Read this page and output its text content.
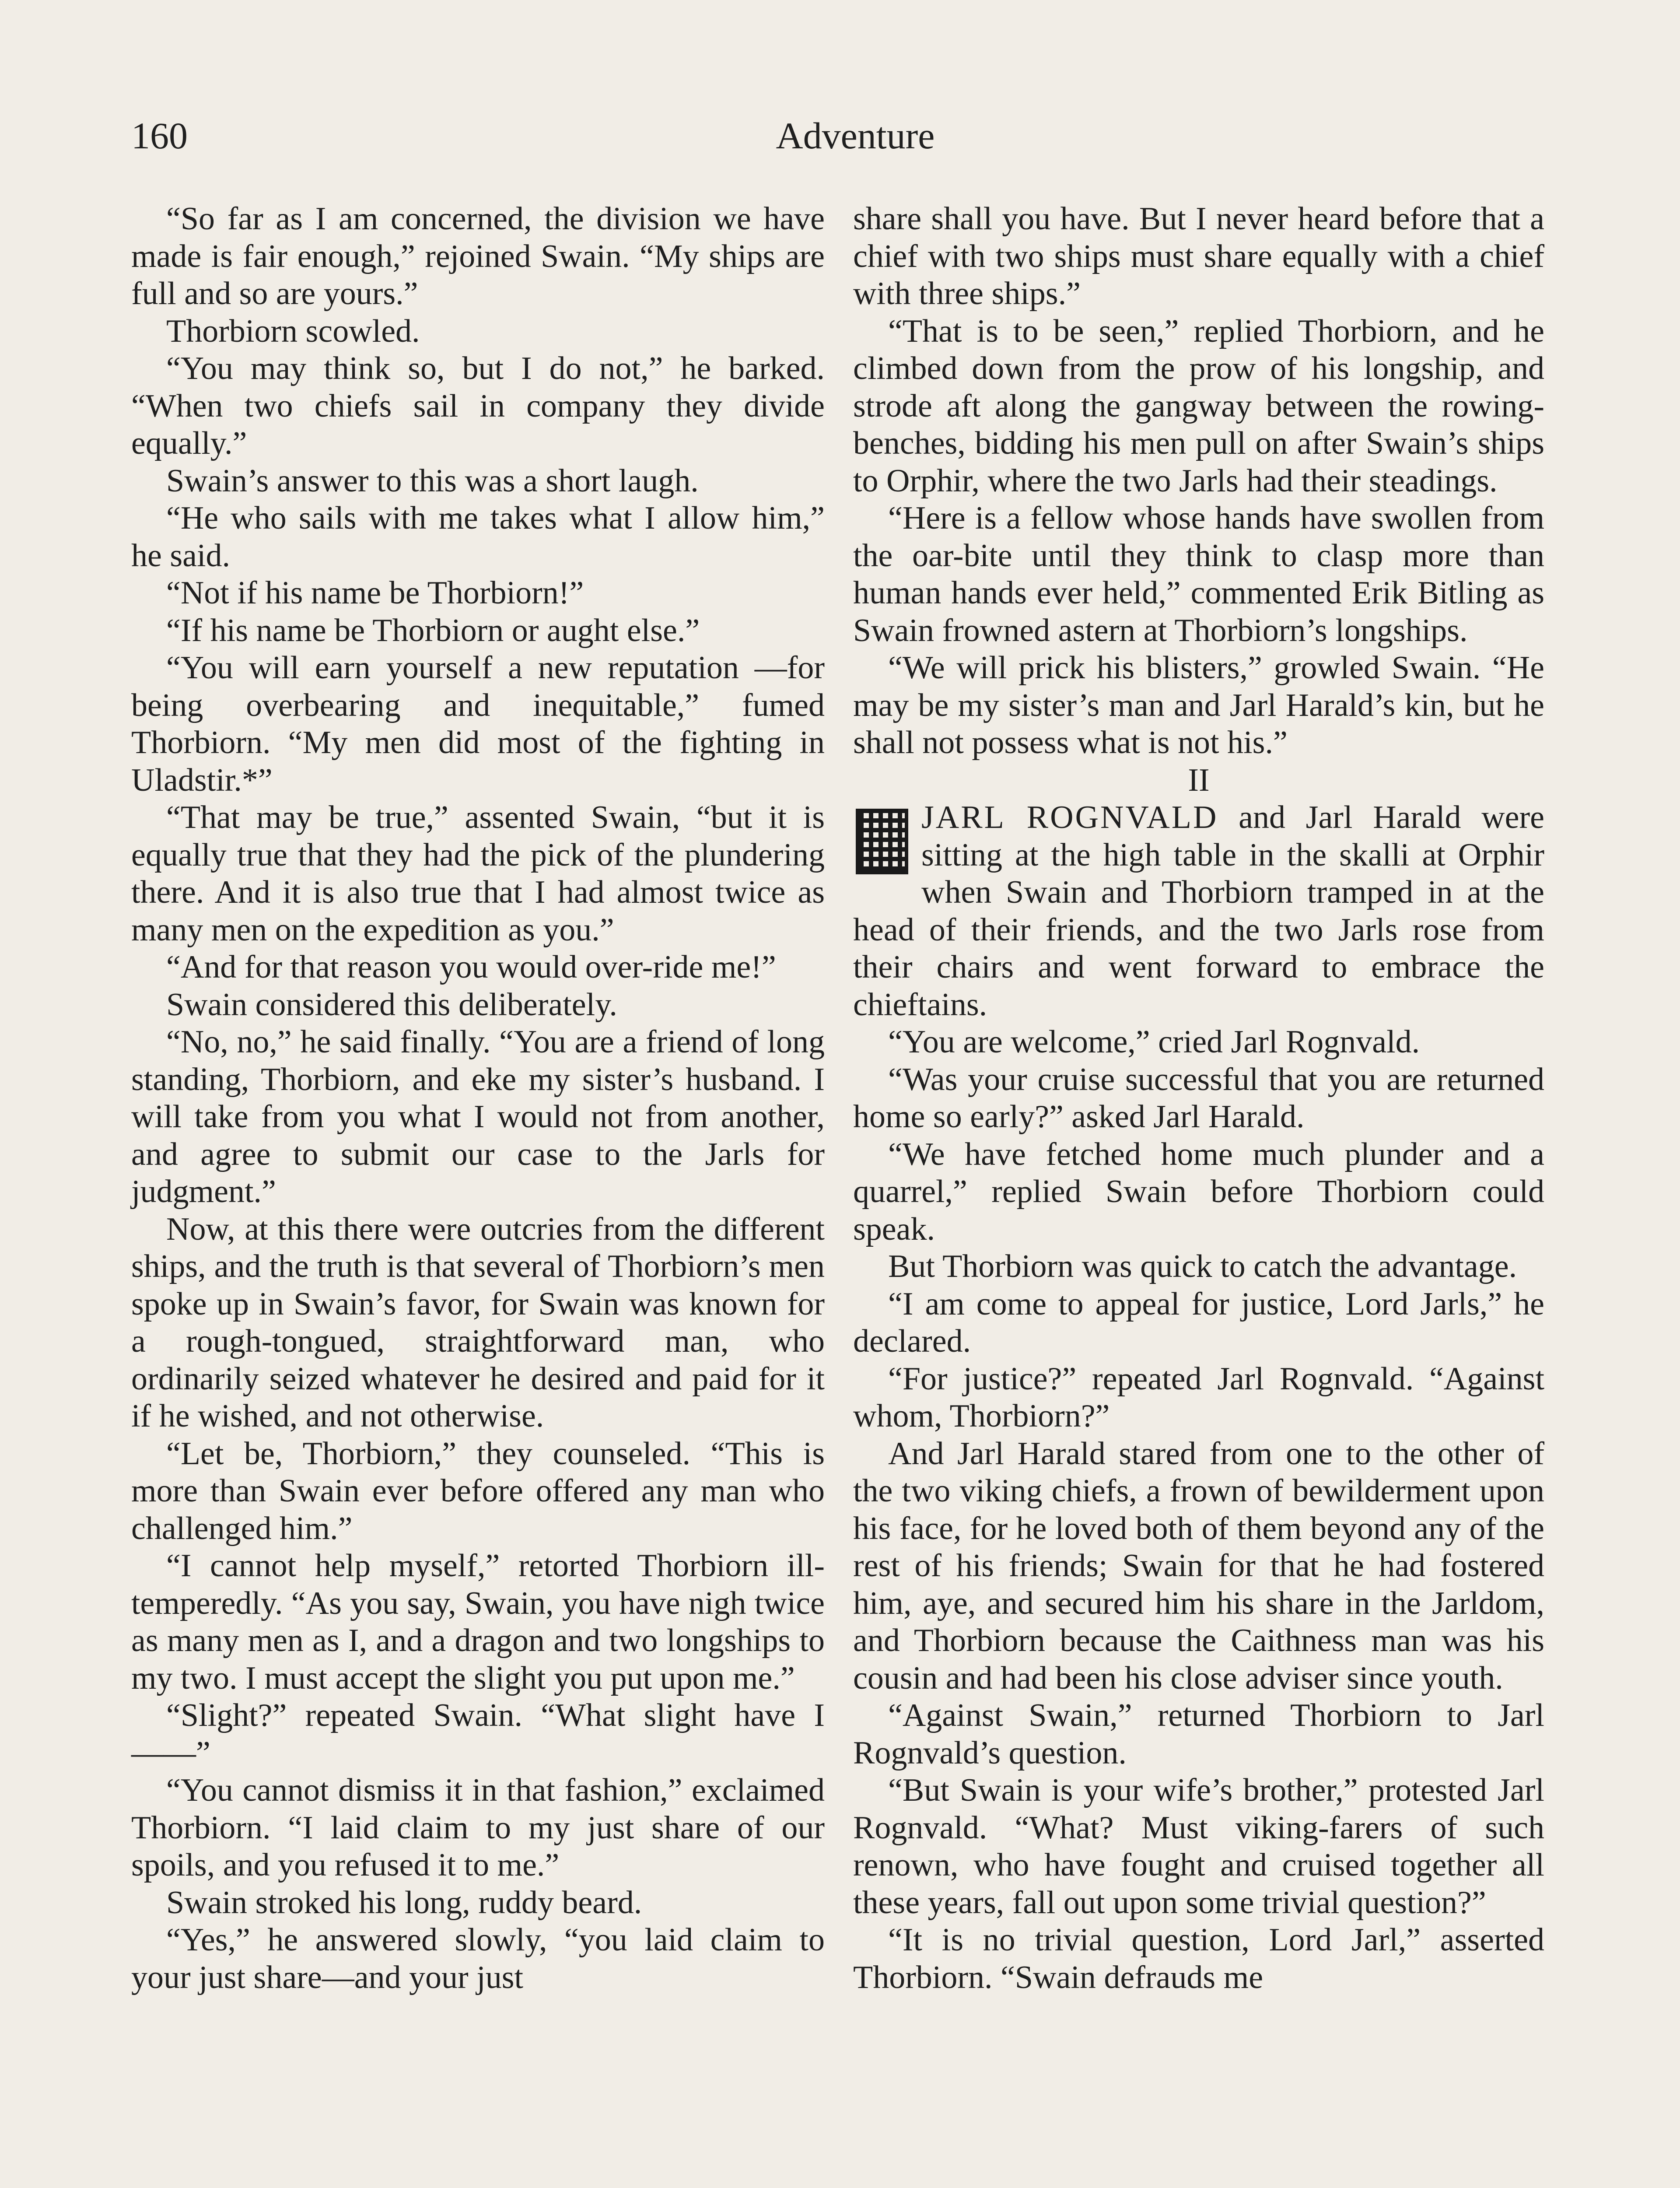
160	Adventure

“So far as I am concerned, the division we have made is fair enough,” rejoined Swain. “My ships are full and so are yours.”

Thorbiorn scowled.

“You may think so, but I do not,” he barked. “When two chiefs sail in company they divide equally.”

Swain’s answer to this was a short laugh.

“He who sails with me takes what I allow him,” he said.

“Not if his name be Thorbiorn!”

“If his name be Thorbiorn or aught else.”

“You will earn yourself a new reputation —for being overbearing and inequitable,” fumed Thorbiorn. “My men did most of the fighting in Uladstir.*”

“That may be true,” assented Swain, “but it is equally true that they had the pick of the plundering there. And it is also true that I had almost twice as many men on the expedition as you.”

“And for that reason you would over-ride me!”

Swain considered this deliberately.

“No, no,” he said finally. “You are a friend of long standing, Thorbiorn, and eke my sister’s husband. I will take from you what I would not from another, and agree to submit our case to the Jarls for judgment.”

Now, at this there were outcries from the different ships, and the truth is that several of Thorbiorn’s men spoke up in Swain’s favor, for Swain was known for a rough-tongued, straightforward man, who ordinarily seized whatever he desired and paid for it if he wished, and not otherwise.

“Let be, Thorbiorn,” they counseled. “This is more than Swain ever before offered any man who challenged him.”

“I cannot help myself,” retorted Thorbiorn ill-temperedly. “As you say, Swain, you have nigh twice as many men as I, and a dragon and two longships to my two. I must accept the slight you put upon me.”

“Slight?” repeated Swain. “What slight have I——”

“You cannot dismiss it in that fashion,” exclaimed Thorbiorn. “I laid claim to my just share of our spoils, and you refused it to me.”

Swain stroked his long, ruddy beard.

“Yes,” he answered slowly, “you laid claim to your just share—and your just

share shall you have. But I never heard before that a chief with two ships must share equally with a chief with three ships.”

“That is to be seen,” replied Thorbiorn, and he climbed down from the prow of his longship, and strode aft along the gangway between the rowing-benches, bidding his men pull on after Swain’s ships to Orphir, where the two Jarls had their steadings.

“Here is a fellow whose hands have swollen from the oar-bite until they think to clasp more than human hands ever held,” commented Erik Bitling as Swain frowned astern at Thorbiorn’s longships.

“We will prick his blisters,” growled Swain. “He may be my sister’s man and Jarl Harald’s kin, but he shall not possess what is not his.”

II

JARL ROGNVALD and Jarl Harald were sitting at the high table in the skalli at Orphir when Swain and Thorbiorn tramped in at the head of their friends, and the two Jarls rose from their chairs and went forward to embrace the chieftains.

“You are welcome,” cried Jarl Rognvald.

“Was your cruise successful that you are returned home so early?” asked Jarl Harald.

“We have fetched home much plunder and a quarrel,” replied Swain before Thorbiorn could speak.

But Thorbiorn was quick to catch the advantage.

“I am come to appeal for justice, Lord Jarls,” he declared.

“For justice?” repeated Jarl Rognvald. “Against whom, Thorbiorn?”

And Jarl Harald stared from one to the other of the two viking chiefs, a frown of bewilderment upon his face, for he loved both of them beyond any of the rest of his friends; Swain for that he had fostered him, aye, and secured him his share in the Jarldom, and Thorbiorn because the Caithness man was his cousin and had been his close adviser since youth.

“Against Swain,” returned Thorbiorn to Jarl Rognvald’s question.

“But Swain is your wife’s brother,” protested Jarl Rognvald. “What? Must viking-farers of such renown, who have fought and cruised together all these years, fall out upon some trivial question?”

“It is no trivial question, Lord Jarl,” asserted Thorbiorn. “Swain defrauds me
